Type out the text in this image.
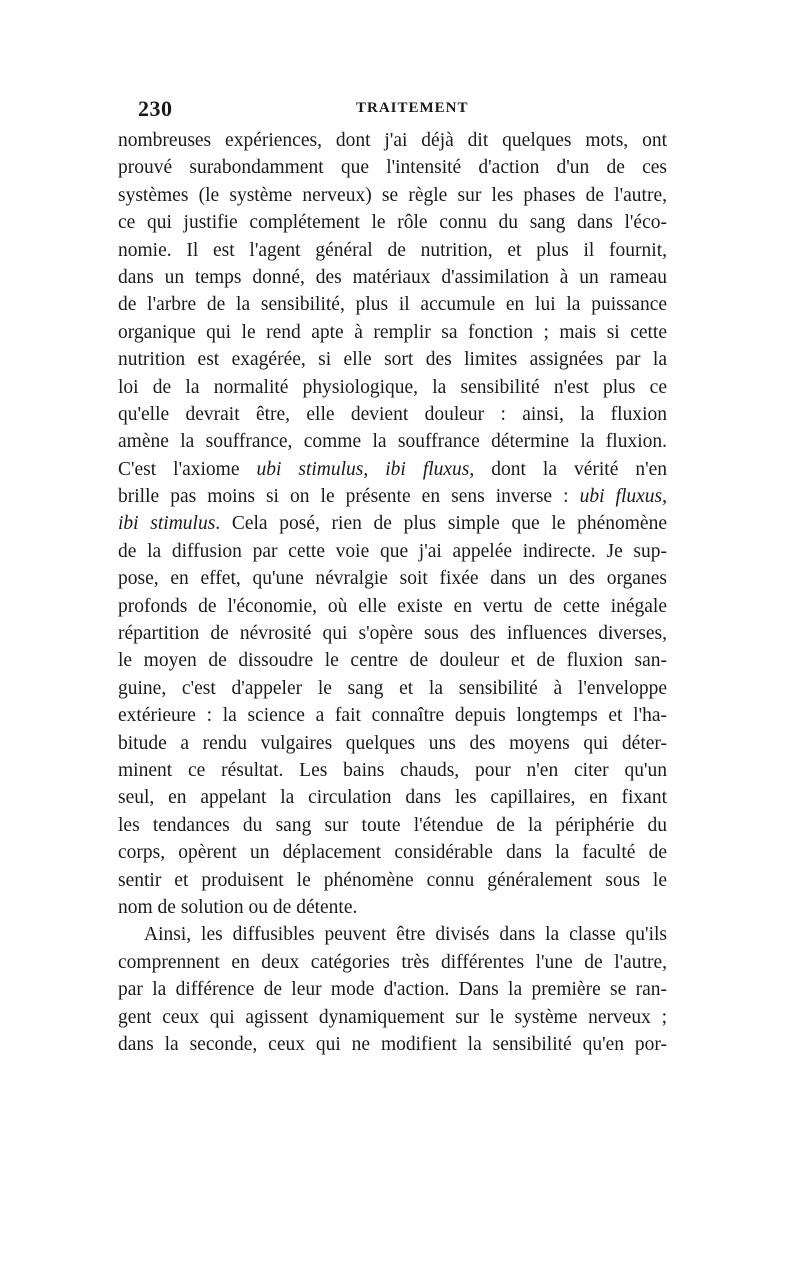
230	TRAITEMENT
nombreuses expériences, dont j'ai déjà dit quelques mots, ont
prouvé surabondamment que l'intensité d'action d'un de ces
systèmes (le système nerveux) se règle sur les phases de l'autre,
ce qui justifie complétement le rôle connu du sang dans l'éco-
nomie. Il est l'agent général de nutrition, et plus il fournit,
dans un temps donné, des matériaux d'assimilation à un rameau
de l'arbre de la sensibilité, plus il accumule en lui la puissance
organique qui le rend apte à remplir sa fonction ; mais si cette
nutrition est exagérée, si elle sort des limites assignées par la
loi de la normalité physiologique, la sensibilité n'est plus ce
qu'elle devrait être, elle devient douleur : ainsi, la fluxion
amène la souffrance, comme la souffrance détermine la fluxion.
C'est l'axiome ubi stimulus, ibi fluxus, dont la vérité n'en
brille pas moins si on le présente en sens inverse : ubi fluxus,
ibi stimulus. Cela posé, rien de plus simple que le phénomène
de la diffusion par cette voie que j'ai appelée indirecte. Je sup-
pose, en effet, qu'une névralgie soit fixée dans un des organes
profonds de l'économie, où elle existe en vertu de cette inégale
répartition de névrosité qui s'opère sous des influences diverses,
le moyen de dissoudre le centre de douleur et de fluxion san-
guine, c'est d'appeler le sang et la sensibilité à l'enveloppe
extérieure : la science a fait connaître depuis longtemps et l'ha-
bitude a rendu vulgaires quelques uns des moyens qui déter-
minent ce résultat. Les bains chauds, pour n'en citer qu'un
seul, en appelant la circulation dans les capillaires, en fixant
les tendances du sang sur toute l'étendue de la périphérie du
corps, opèrent un déplacement considérable dans la faculté de
sentir et produisent le phénomène connu généralement sous le
nom de solution ou de détente.
Ainsi, les diffusibles peuvent être divisés dans la classe qu'ils
comprennent en deux catégories très différentes l'une de l'autre,
par la différence de leur mode d'action. Dans la première se ran-
gent ceux qui agissent dynamiquement sur le système nerveux ;
dans la seconde, ceux qui ne modifient la sensibilité qu'en por-
